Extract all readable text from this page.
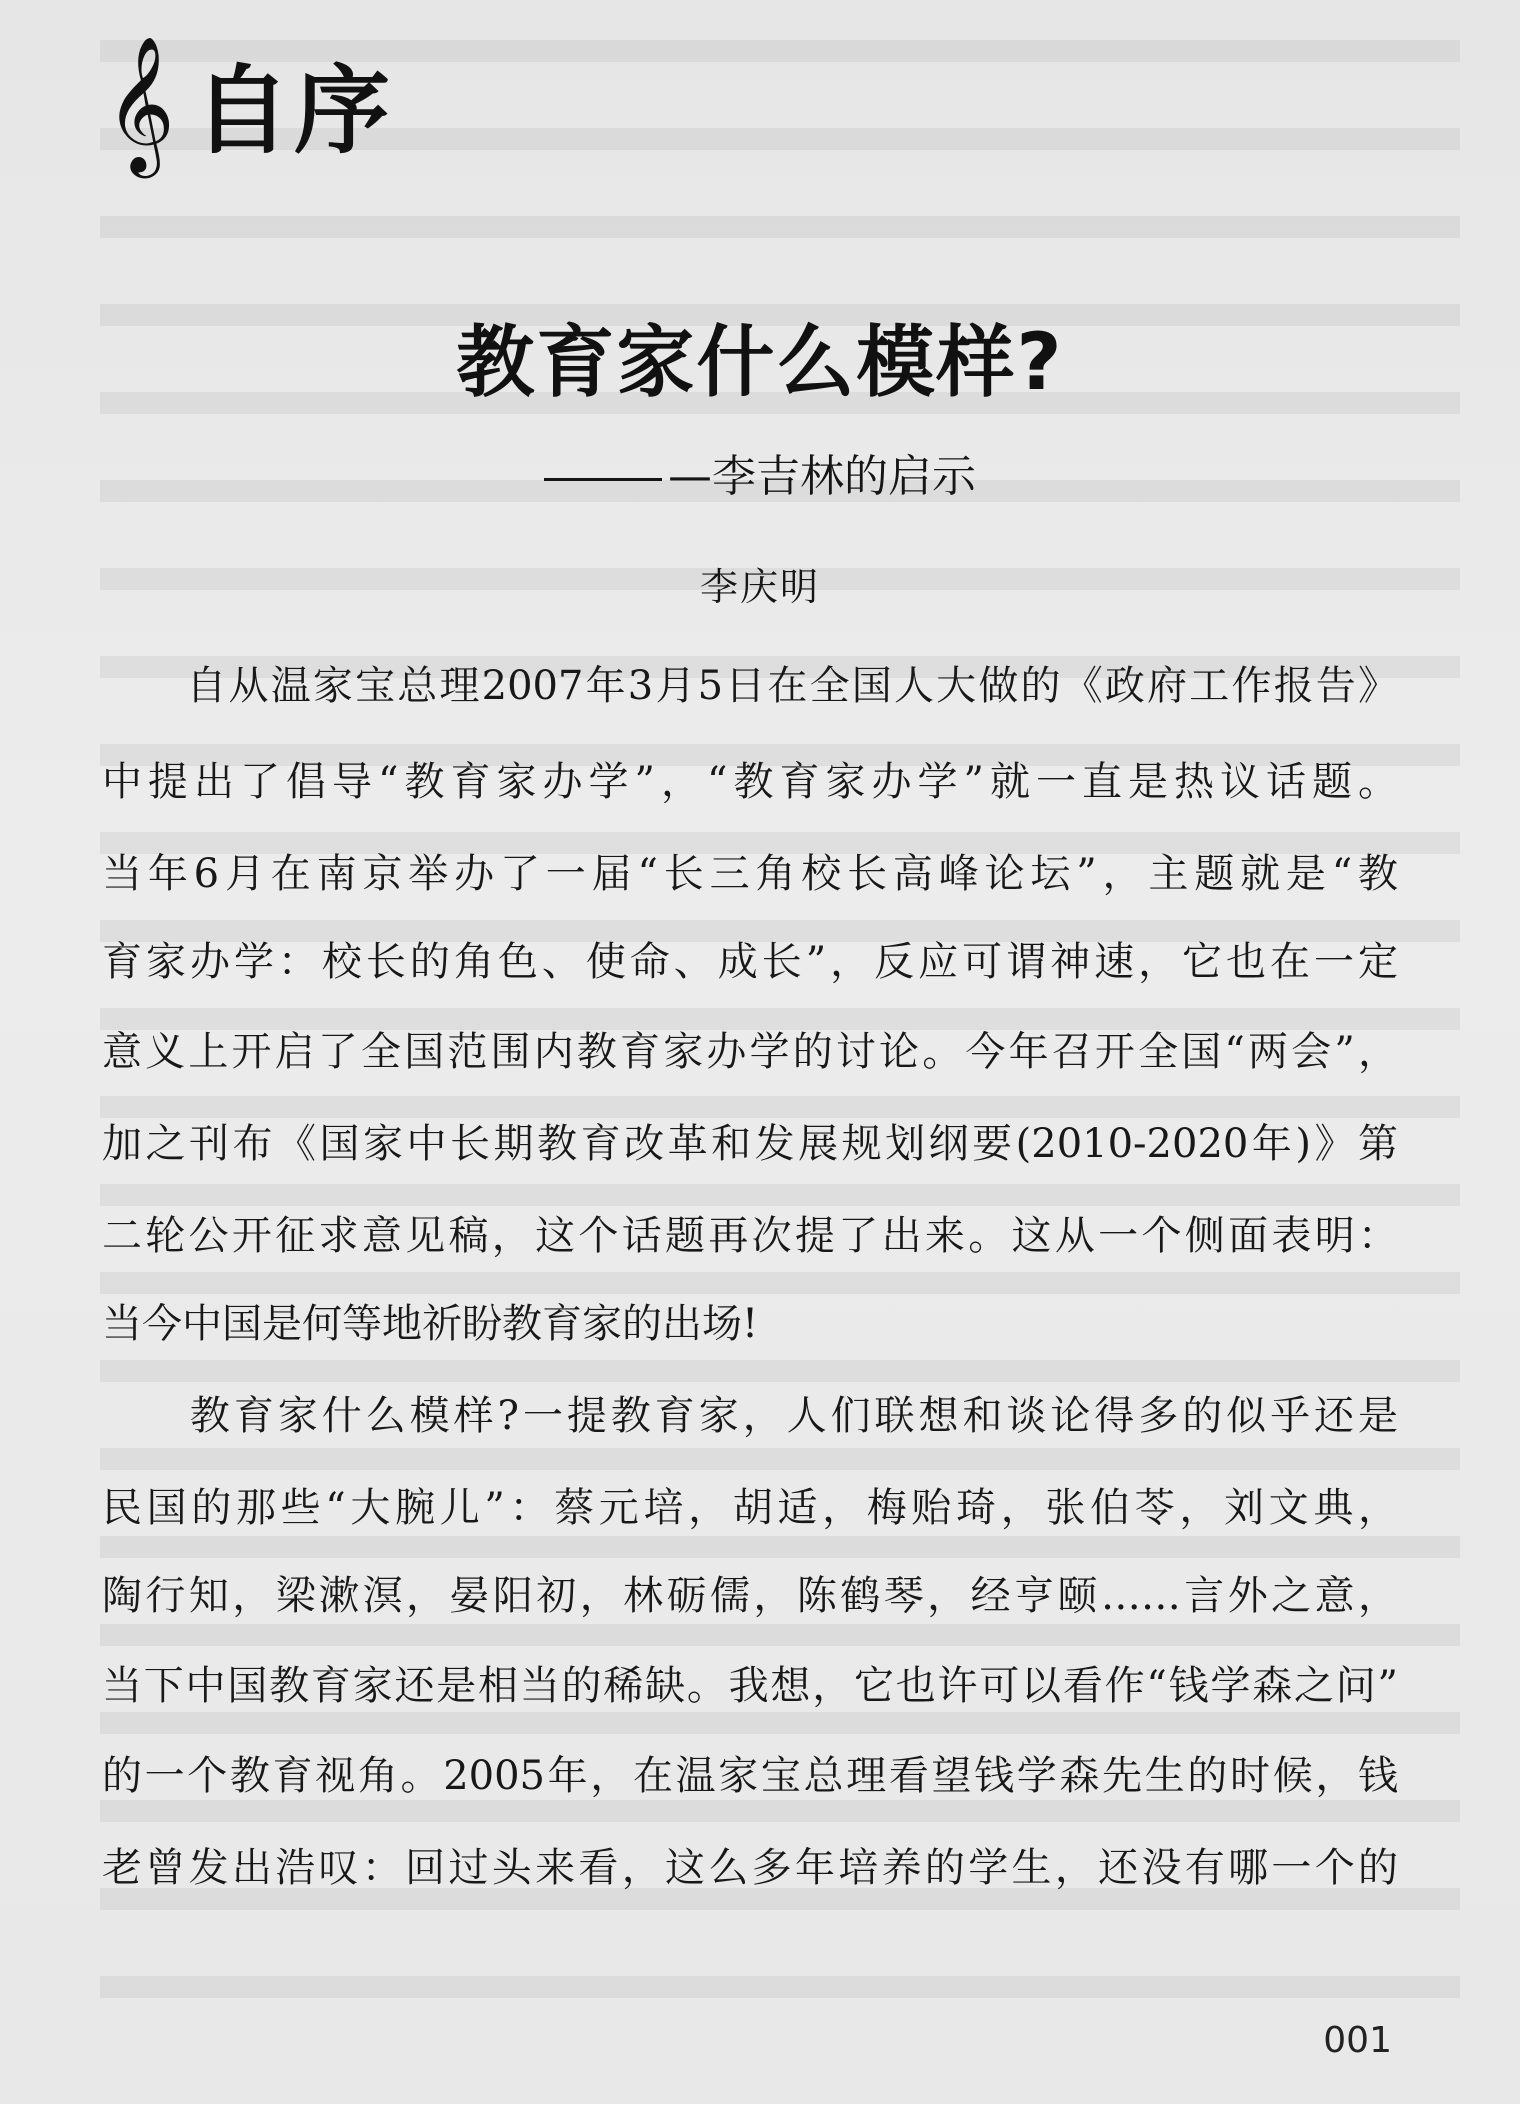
𝄞 自序
教育家什么模样?
—李吉林的启示
李庆明
　　自从温家宝总理2007年3月5日在全国人大做的《政府工作报告》
中提出了倡导“教育家办学”，“教育家办学”就一直是热议话题。
当年6月在南京举办了一届“长三角校长高峰论坛”，主题就是“教
育家办学：校长的角色、使命、成长”，反应可谓神速，它也在一定
意义上开启了全国范围内教育家办学的讨论。今年召开全国“两会”，
加之刊布《国家中长期教育改革和发展规划纲要(2010-2020年)》第
二轮公开征求意见稿，这个话题再次提了出来。这从一个侧面表明：
当今中国是何等地祈盼教育家的出场!
　　教育家什么模样?一提教育家，人们联想和谈论得多的似乎还是
民国的那些“大腕儿”：蔡元培，胡适，梅贻琦，张伯苓，刘文典，
陶行知，梁漱溟，晏阳初，林砺儒，陈鹤琴，经亨颐……言外之意，
当下中国教育家还是相当的稀缺。我想，它也许可以看作“钱学森之问”
的一个教育视角。2005年，在温家宝总理看望钱学森先生的时候，钱
老曾发出浩叹：回过头来看，这么多年培养的学生，还没有哪一个的
001
